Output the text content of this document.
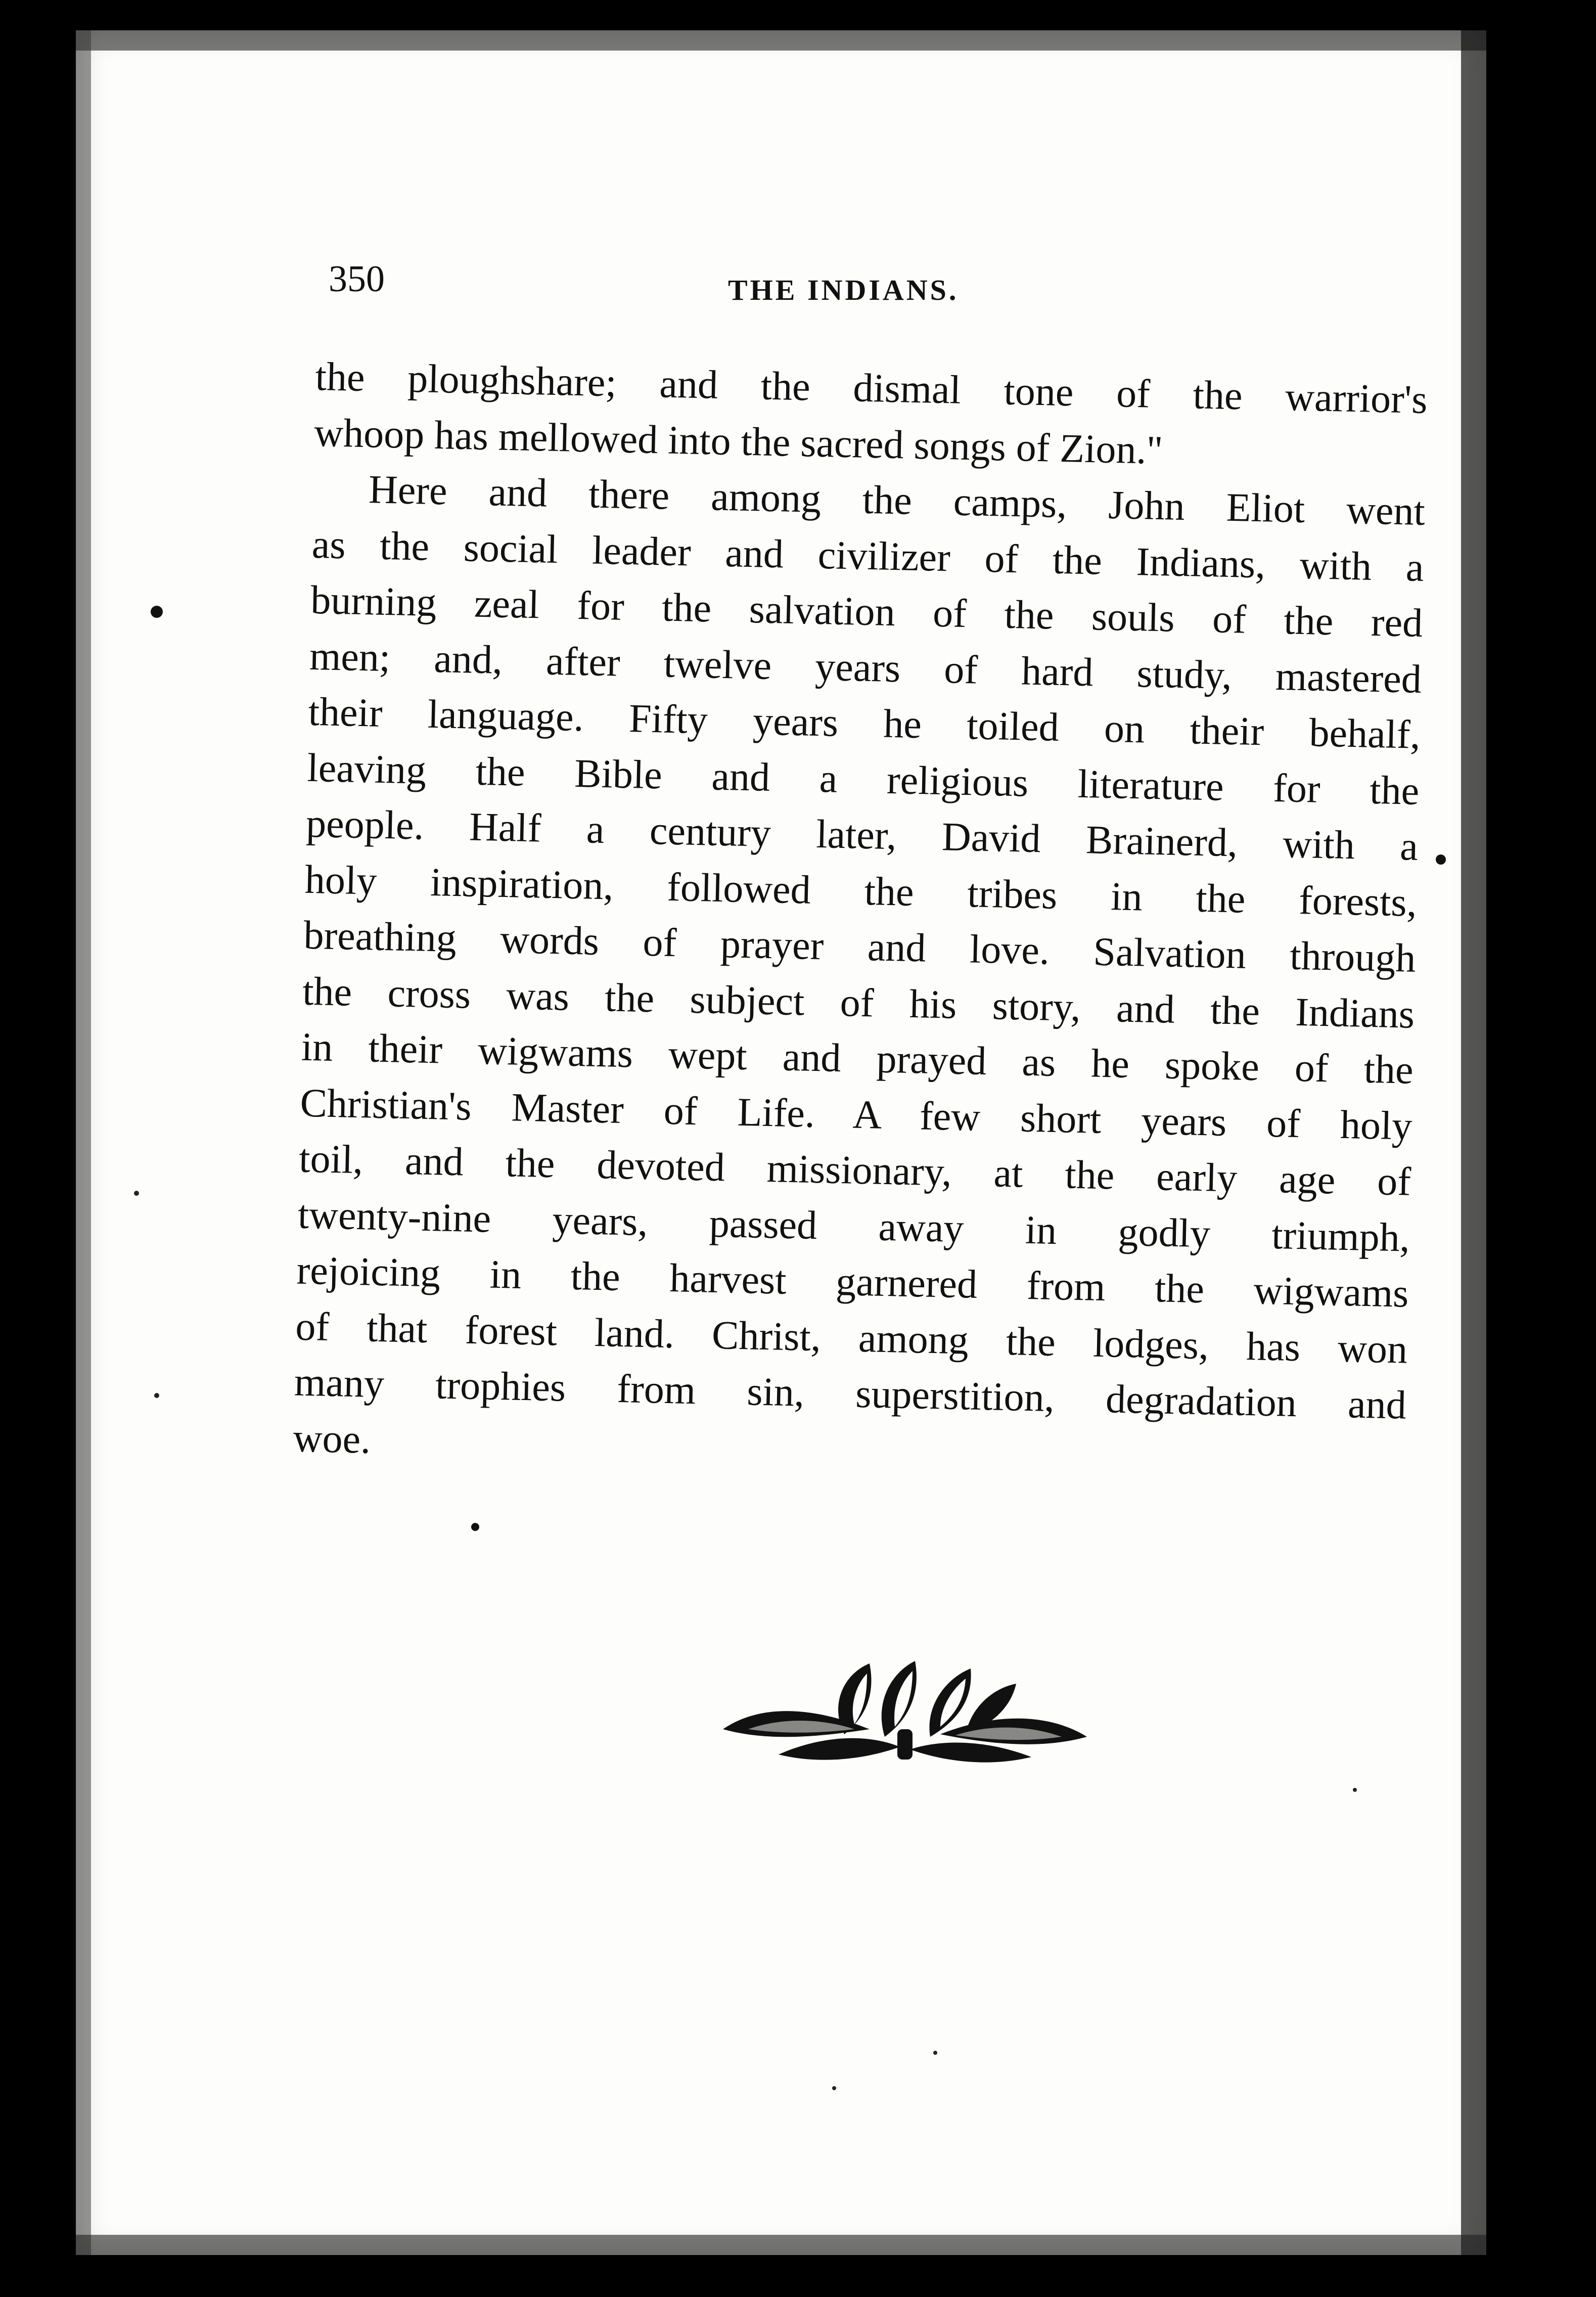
350	THE INDIANS.
the ploughshare; and the dismal tone of the warrior's
whoop has mellowed into the sacred songs of Zion."
Here and there among the camps, John Eliot went
as the social leader and civilizer of the Indians, with a
burning zeal for the salvation of the souls of the red
men; and, after twelve years of hard study, mastered
their language. Fifty years he toiled on their behalf,
leaving the Bible and a religious literature for the
people. Half a century later, David Brainerd, with a
holy inspiration, followed the tribes in the forests,
breathing words of prayer and love. Salvation through
the cross was the subject of his story, and the Indians
in their wigwams wept and prayed as he spoke of the
Christian's Master of Life. A few short years of holy
toil, and the devoted missionary, at the early age of
twenty-nine years, passed away in godly triumph,
rejoicing in the harvest garnered from the wigwams
of that forest land. Christ, among the lodges, has won
many trophies from sin, superstition, degradation and
woe.
